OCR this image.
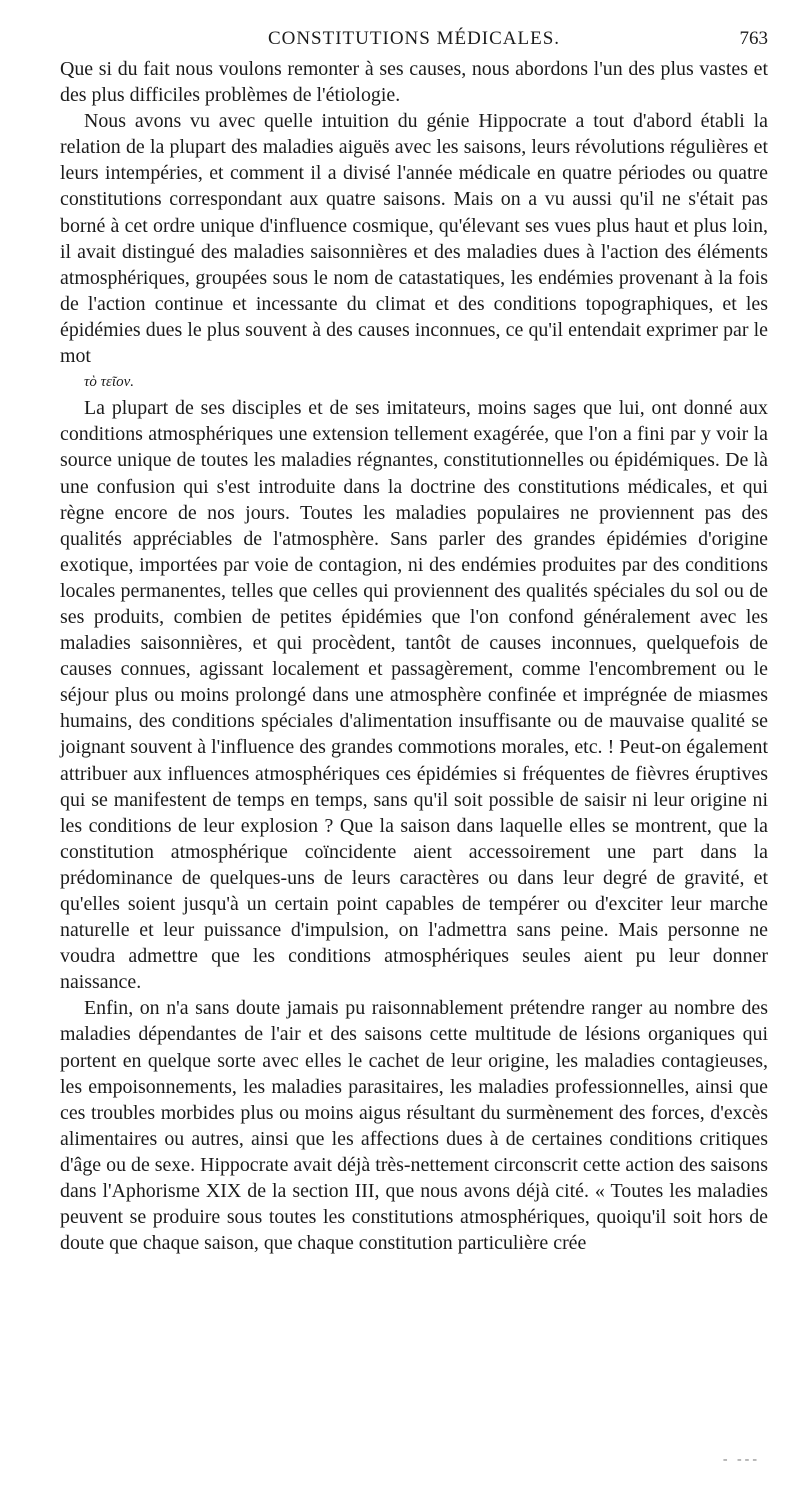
CONSTITUTIONS MÉDICALES.	763

Que si du fait nous voulons remonter à ses causes, nous abordons l'un des plus vastes et des plus difficiles problèmes de l'étiologie.

Nous avons vu avec quelle intuition du génie Hippocrate a tout d'abord établi la relation de la plupart des maladies aiguës avec les saisons, leurs révolutions régulières et leurs intempéries, et comment il a divisé l'année médicale en quatre périodes ou quatre constitutions correspondant aux quatre saisons. Mais on a vu aussi qu'il ne s'était pas borné à cet ordre unique d'influence cosmique, qu'élevant ses vues plus haut et plus loin, il avait distingué des maladies saisonnières et des maladies dues à l'action des éléments atmosphériques, groupées sous le nom de catastatiques, les endémies provenant à la fois de l'action continue et incessante du climat et des conditions topographiques, et les épidémies dues le plus souvent à des causes inconnues, ce qu'il entendait exprimer par le mot
τὸ τεῖον.

La plupart de ses disciples et de ses imitateurs, moins sages que lui, ont donné aux conditions atmosphériques une extension tellement exagérée, que l'on a fini par y voir la source unique de toutes les maladies régnantes, constitutionnelles ou épidémiques. De là une confusion qui s'est introduite dans la doctrine des constitutions médicales, et qui règne encore de nos jours. Toutes les maladies populaires ne proviennent pas des qualités appréciables de l'atmosphère. Sans parler des grandes épidémies d'origine exotique, importées par voie de contagion, ni des endémies produites par des conditions locales permanentes, telles que celles qui proviennent des qualités spéciales du sol ou de ses produits, combien de petites épidémies que l'on confond généralement avec les maladies saisonnières, et qui procèdent, tantôt de causes inconnues, quelquefois de causes connues, agissant localement et passagèrement, comme l'encombrement ou le séjour plus ou moins prolongé dans une atmosphère confinée et imprégnée de miasmes humains, des conditions spéciales d'alimentation insuffisante ou de mauvaise qualité se joignant souvent à l'influence des grandes commotions morales, etc. ! Peut-on également attribuer aux influences atmosphériques ces épidémies si fréquentes de fièvres éruptives qui se manifestent de temps en temps, sans qu'il soit possible de saisir ni leur origine ni les conditions de leur explosion ? Que la saison dans laquelle elles se montrent, que la constitution atmosphérique coïncidente aient accessoirement une part dans la prédominance de quelques-uns de leurs caractères ou dans leur degré de gravité, et qu'elles soient jusqu'à un certain point capables de tempérer ou d'exciter leur marche naturelle et leur puissance d'impulsion, on l'admettra sans peine. Mais personne ne voudra admettre que les conditions atmosphériques seules aient pu leur donner naissance.

Enfin, on n'a sans doute jamais pu raisonnablement prétendre ranger au nombre des maladies dépendantes de l'air et des saisons cette multitude de lésions organiques qui portent en quelque sorte avec elles le cachet de leur origine, les maladies contagieuses, les empoisonnements, les maladies parasitaires, les maladies professionnelles, ainsi que ces troubles morbides plus ou moins aigus résultant du surmènement des forces, d'excès alimentaires ou autres, ainsi que les affections dues à de certaines conditions critiques d'âge ou de sexe. Hippocrate avait déjà très-nettement circonscrit cette action des saisons dans l'Aphorisme XIX de la section III, que nous avons déjà cité. « Toutes les maladies peuvent se produire sous toutes les constitutions atmosphériques, quoiqu'il soit hors de doute que chaque saison, que chaque constitution particulière crée

- ---
